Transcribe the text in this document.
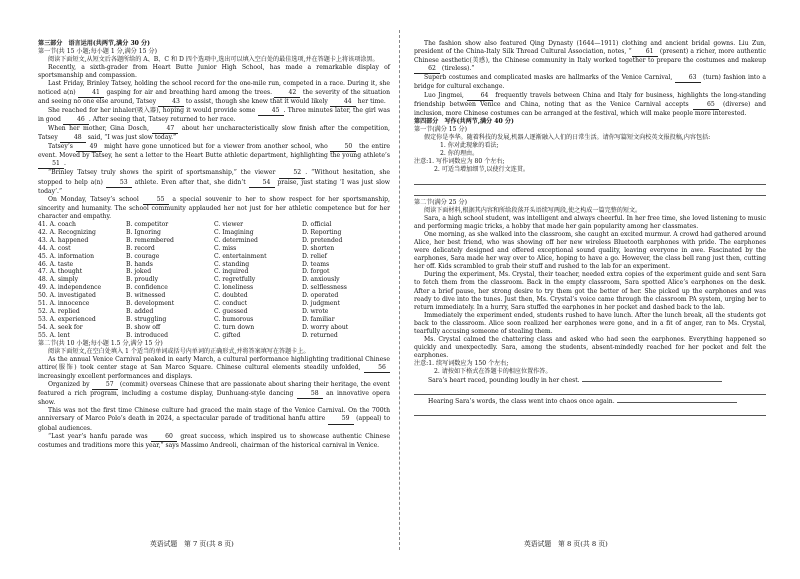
第三部分　语言运用(共两节,满分 30 分)

第一节(共 15 小题;每小题 1 分,满分 15 分)

阅读下面短文,从短文后各题所给的 A、B、C 和 D 四个选项中,选出可以填入空白处的最佳选项,并在答题卡上将该项涂黑。

Recently, a sixth-grader from Heart Butte Junior High School, has made a remarkable display of sportsmanship and compassion.

Last Friday, Brinley Tatsey, holding the school record for the one-mile run, competed in a race. During it, she noticed a(n) 41 gasping for air and breathing hard among the trees. 42 the severity of the situation and seeing no one else around, Tatsey 43 to assist, though she knew that it would likely 44 her time.

She reached for her inhaler(吸入器), hoping it would provide some 45 . Three minutes later, the girl was in good 46 . After seeing that, Tatsey returned to her race.

When her mother, Gina Dosch, 47 about her uncharacteristically slow finish after the competition, Tatsey 48 said, “I was just slow today.”

Tatsey’s 49 might have gone unnoticed but for a viewer from another school, who 50 the entire event. Moved by Tatsey, he sent a letter to the Heart Butte athletic department, highlighting the young athlete’s 51 .

“Brinley Tatsey truly shows the spirit of sportsmanship,” the viewer 52 . “Without hesitation, she stopped to help a(n) 53 athlete. Even after that, she didn’t 54 praise, just stating ‘I was just slow today’.”

On Monday, Tatsey’s school 55 a special souvenir to her to show respect for her sportsmanship, sincerity and humanity. The school community applauded her not just for her athletic competence but for her character and empathy.

41. A. coach	B. competitor	C. viewer	D. official
42. A. Recognizing	B. Ignoring	C. Imagining	D. Reporting
43. A. happened	B. remembered	C. determined	D. pretended
44. A. cost	B. record	C. miss	D. shorten
45. A. information	B. courage	C. entertainment	D. relief
46. A. taste	B. hands	C. standing	D. teams
47. A. thought	B. joked	C. inquired	D. forgot
48. A. simply	B. proudly	C. regretfully	D. anxiously
49. A. independence	B. confidence	C. loneliness	D. selflessness
50. A. investigated	B. witnessed	C. doubted	D. operated
51. A. innocence	B. development	C. conduct	D. judgment
52. A. replied	B. added	C. guessed	D. wrote
53. A. experienced	B. struggling	C. humorous	D. familiar
54. A. seek for	B. show off	C. turn down	D. worry about
55. A. lent	B. introduced	C. gifted	D. returned

第二节(共 10 小题;每小题 1.5 分,满分 15 分)

阅读下面短文,在空白处填入 1 个适当的单词或括号内单词的正确形式,并将答案填写在答题卡上。

As the annual Venice Carnival peaked in early March, a cultural performance highlighting traditional Chinese attire(服饰) took center stage at San Marco Square. Chinese cultural elements steadily unfolded, 56 increasingly excellent performances and displays.

Organized by 57 (commit) overseas Chinese that are passionate about sharing their heritage, the event featured a rich program, including a costume display, Dunhuang-style dancing 58 an innovative opera show.

This was not the first time Chinese culture had graced the main stage of the Venice Carnival. On the 700th anniversary of Marco Polo’s death in 2024, a spectacular parade of traditional hanfu attire 59 (appeal) to global audiences.

“Last year’s hanfu parade was 60 great success, which inspired us to showcase authentic Chinese costumes and traditions more this year,” says Massimo Andreoli, chairman of the historical carnival in Venice.

The fashion show also featured Qing Dynasty (1644—1911) clothing and ancient bridal gowns. Liu Zun, president of the China-Italy Silk Thread Cultural Association, notes, “ 61 (present) a richer, more authentic Chinese aesthetic(美感), the Chinese community in Italy worked together to prepare the costumes and makeup 62 (tireless).”

Superb costumes and complicated masks are hallmarks of the Venice Carnival, 63 (turn) fashion into a bridge for cultural exchange.

Luo Jingmei, 64 frequently travels between China and Italy for business, highlights the long-standing friendship between Venice and China, noting that as the Venice Carnival accepts 65 (diverse) and inclusion, more Chinese costumes can be arranged at the festival, which will make people more interested.

第四部分　写作(共两节,满分 40 分)

第一节(满分 15 分)

假定你是李华。随着科技的发展,机器人逐渐融入人们的日常生活。请你写篇短文向校英文报投稿,内容包括:

1. 你对此现象的看法;

2. 你的理由。

注意:1. 写作词数应为 80 个左右;

2. 可适当增加细节,以使行文连贯。

第二节(满分 25 分)

阅读下面材料,根据其内容和所给段落开头语续写两段,使之构成一篇完整的短文。

Sara, a high school student, was intelligent and always cheerful. In her free time, she loved listening to music and performing magic tricks, a hobby that made her gain popularity among her classmates.

One morning, as she walked into the classroom, she caught an excited murmur. A crowd had gathered around Alice, her best friend, who was showing off her new wireless Bluetooth earphones with pride. The earphones were delicately designed and offered exceptional sound quality, leaving everyone in awe. Fascinated by the earphones, Sara made her way over to Alice, hoping to have a go. However, the class bell rang just then, cutting her off. Kids scrambled to grab their stuff and rushed to the lab for an experiment.

During the experiment, Ms. Crystal, their teacher, needed extra copies of the experiment guide and sent Sara to fetch them from the classroom. Back in the empty classroom, Sara spotted Alice’s earphones on the desk. After a brief pause, her strong desire to try them got the better of her. She picked up the earphones and was ready to dive into the tunes. Just then, Ms. Crystal’s voice came through the classroom PA system, urging her to return immediately. In a hurry, Sara stuffed the earphones in her pocket and dashed back to the lab.

Immediately the experiment ended, students rushed to have lunch. After the lunch break, all the students got back to the classroom. Alice soon realized her earphones were gone, and in a fit of anger, ran to Ms. Crystal, tearfully accusing someone of stealing them.

Ms. Crystal calmed the chattering class and asked who had seen the earphones. Everything happened so quickly and unexpectedly. Sara, among the students, absent-mindedly reached for her pocket and felt the earphones.

注意:1. 续写词数应为 150 个左右;

2. 请按如下格式在答题卡的相应位置作答。

Sara’s heart raced, pounding loudly in her chest.

Hearing Sara’s words, the class went into chaos once again.

英语试题　第 7 页(共 8 页)	英语试题　第 8 页(共 8 页)
